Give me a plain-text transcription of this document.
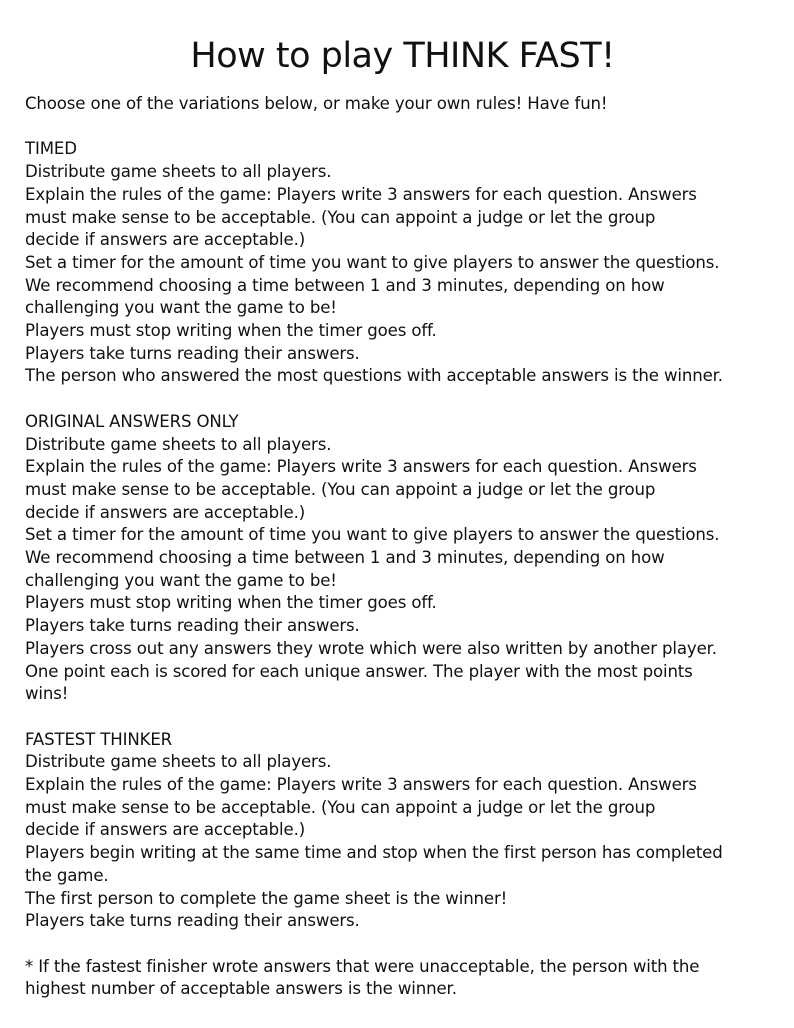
How to play THINK FAST!
Choose one of the variations below, or make your own rules! Have fun!
TIMED
Distribute game sheets to all players.
Explain the rules of the game: Players write 3 answers for each question. Answers
must make sense to be acceptable. (You can appoint a judge or let the group
decide if answers are acceptable.)
Set a timer for the amount of time you want to give players to answer the questions.
We recommend choosing a time between 1 and 3 minutes, depending on how
challenging you want the game to be!
Players must stop writing when the timer goes off.
Players take turns reading their answers.
The person who answered the most questions with acceptable answers is the winner.
ORIGINAL ANSWERS ONLY
Distribute game sheets to all players.
Explain the rules of the game: Players write 3 answers for each question. Answers
must make sense to be acceptable. (You can appoint a judge or let the group
decide if answers are acceptable.)
Set a timer for the amount of time you want to give players to answer the questions.
We recommend choosing a time between 1 and 3 minutes, depending on how
challenging you want the game to be!
Players must stop writing when the timer goes off.
Players take turns reading their answers.
Players cross out any answers they wrote which were also written by another player.
One point each is scored for each unique answer. The player with the most points
wins!
FASTEST THINKER
Distribute game sheets to all players.
Explain the rules of the game: Players write 3 answers for each question. Answers
must make sense to be acceptable. (You can appoint a judge or let the group
decide if answers are acceptable.)
Players begin writing at the same time and stop when the first person has completed
the game.
The first person to complete the game sheet is the winner!
Players take turns reading their answers.
* If the fastest finisher wrote answers that were unacceptable, the person with the
highest number of acceptable answers is the winner.
